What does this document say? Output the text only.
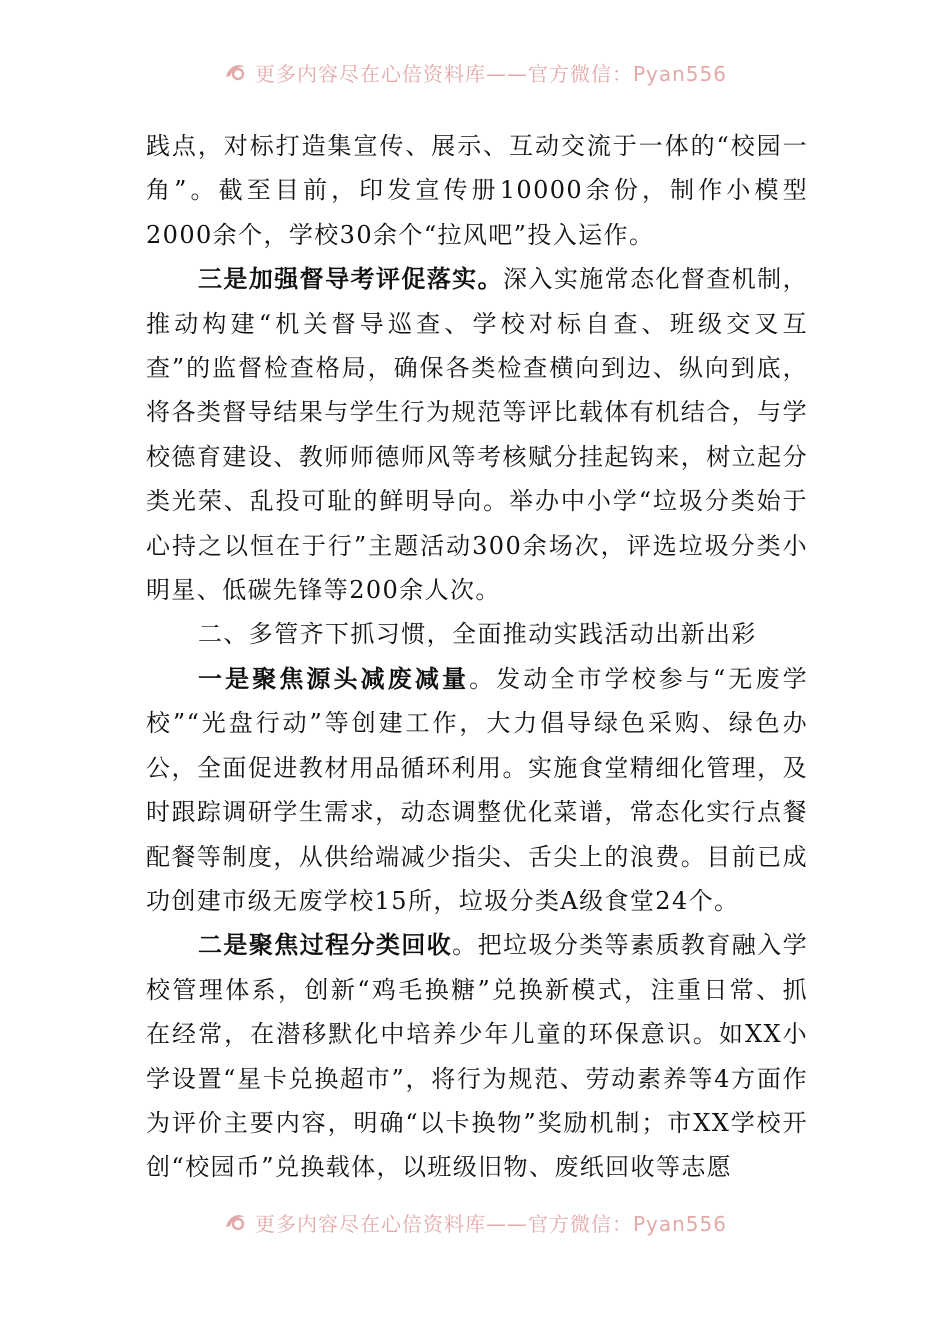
更多内容尽在心倍资料库——官方微信：Pyan556

践点，对标打造集宣传、展示、互动交流于一体的“校园一角”。截至目前，印发宣传册10000余份，制作小模型2000余个，学校30余个“拉风吧”投入运作。

三是加强督导考评促落实。深入实施常态化督查机制，推动构建“机关督导巡查、学校对标自查、班级交叉互查”的监督检查格局，确保各类检查横向到边、纵向到底，将各类督导结果与学生行为规范等评比载体有机结合，与学校德育建设、教师师德师风等考核赋分挂起钩来，树立起分类光荣、乱投可耻的鲜明导向。举办中小学“垃圾分类始于心持之以恒在于行”主题活动300余场次，评选垃圾分类小明星、低碳先锋等200余人次。

二、多管齐下抓习惯，全面推动实践活动出新出彩

一是聚焦源头减废减量。发动全市学校参与“无废学校”“光盘行动”等创建工作，大力倡导绿色采购、绿色办公，全面促进教材用品循环利用。实施食堂精细化管理，及时跟踪调研学生需求，动态调整优化菜谱，常态化实行点餐配餐等制度，从供给端减少指尖、舌尖上的浪费。目前已成功创建市级无废学校15所，垃圾分类A级食堂24个。

二是聚焦过程分类回收。把垃圾分类等素质教育融入学校管理体系，创新“鸡毛换糖”兑换新模式，注重日常、抓在经常，在潜移默化中培养少年儿童的环保意识。如XX小学设置“星卡兑换超市”，将行为规范、劳动素养等4方面作为评价主要内容，明确“以卡换物”奖励机制；市XX学校开创“校园币”兑换载体，以班级旧物、废纸回收等志愿

更多内容尽在心倍资料库——官方微信：Pyan556
